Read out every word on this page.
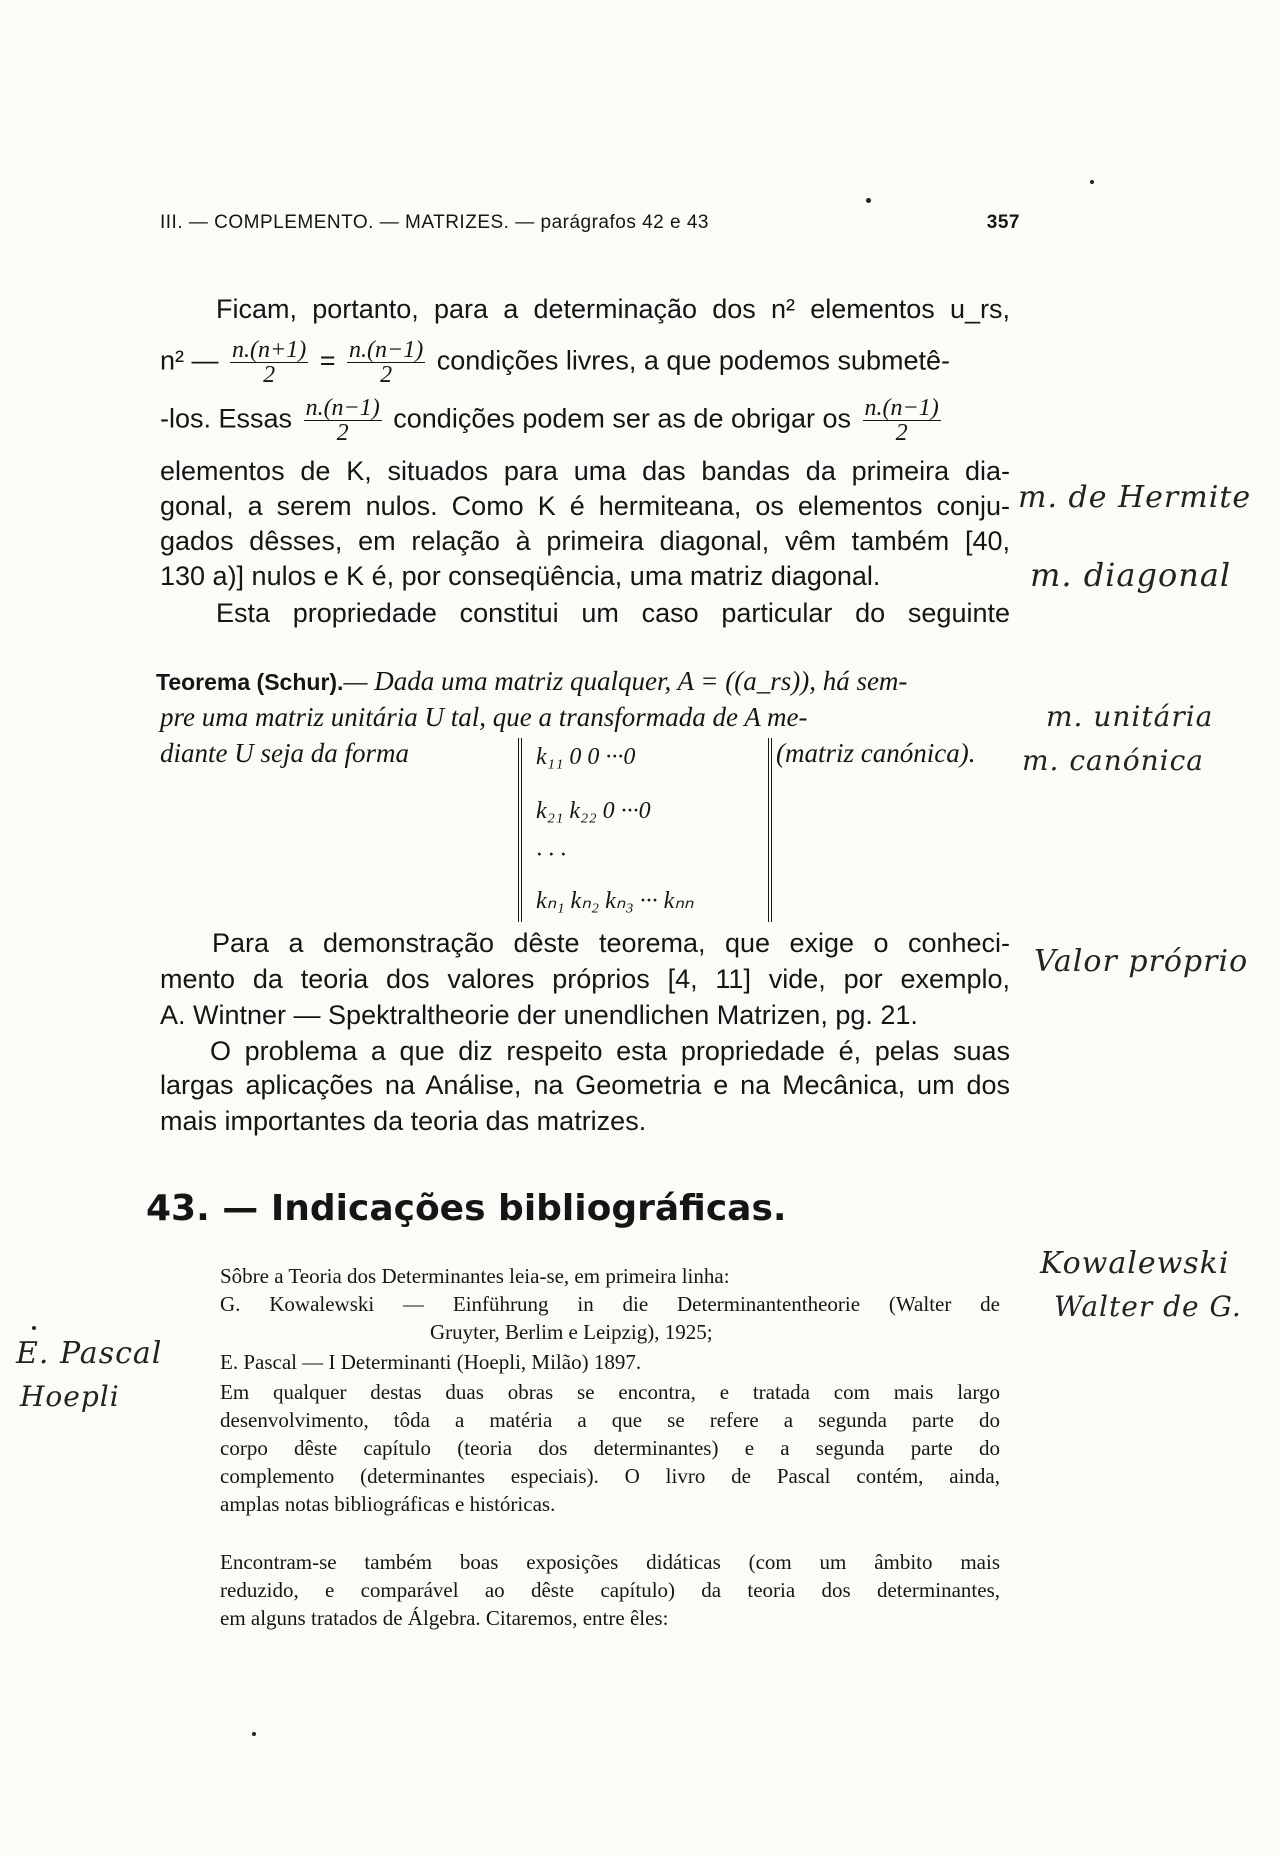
III. — COMPLEMENTO. — MATRIZES. — parágrafos 42 e 43	357
Ficam, portanto, para a determinação dos n² elementos u_rs,
n² — $\frac{n.(n+1)}{2} = \frac{n.(n-1)}{2}$ condições livres, a que podemos submetê-
-los. Essas $\frac{n.(n-1)}{2}$ condições podem ser as de obrigar os $\frac{n.(n-1)}{2}$
elementos de K, situados para uma das bandas da primeira dia-
gonal, a serem nulos. Como K é hermiteana, os elementos conju-
gados dêsses, em relação à primeira diagonal, vêm também [40,
130 a)] nulos e K é, por conseqüência, uma matriz diagonal.
Esta propriedade constitui um caso particular do seguinte
Teorema (Schur).— Dada uma matriz qualquer, A = ((a_rs)), há sem-
pre uma matriz unitária U tal, que a transformada de A me-
diante U seja da forma	(matriz canónica).
k₁₁ 0 0 ···0
k₂₁ k₂₂ 0 ···0
· · ·
kₙ₁ kₙ₂ kₙ₃ ··· kₙₙ
Para a demonstração dêste teorema, que exige o conheci-
mento da teoria dos valores próprios [4, 11] vide, por exemplo,
A. Wintner — Spektraltheorie der unendlichen Matrizen, pg. 21.
O problema a que diz respeito esta propriedade é, pelas suas
largas aplicações na Análise, na Geometria e na Mecânica, um dos
mais importantes da teoria das matrizes.
43. — Indicações bibliográficas.
Sôbre a Teoria dos Determinantes leia-se, em primeira linha:
G. Kowalewski — Einführung in die Determinantentheorie (Walter de
Gruyter, Berlim e Leipzig), 1925;
E. Pascal — I Determinanti (Hoepli, Milão) 1897.
Em qualquer destas duas obras se encontra, e tratada com mais largo
desenvolvimento, tôda a matéria a que se refere a segunda parte do
corpo dêste capítulo (teoria dos determinantes) e a segunda parte do
complemento (determinantes especiais). O livro de Pascal contém, ainda,
amplas notas bibliográficas e históricas.
Encontram-se também boas exposições didáticas (com um âmbito mais
reduzido, e comparável ao dêste capítulo) da teoria dos determinantes,
em alguns tratados de Álgebra. Citaremos, entre êles:
m. de Hermite
m. diagonal
m. unitária
m. canónica
Valor próprio
Kowalewski
Walter de G.
E. Pascal
Hoepli
